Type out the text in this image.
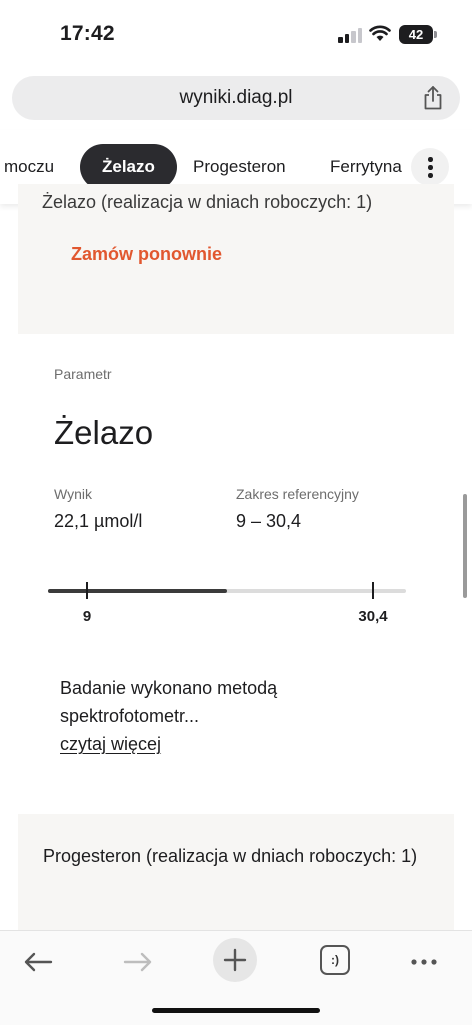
17:42	42
wyniki.diag.pl
moczu	Żelazo	Progesteron	Ferrytyna
Żelazo (realizacja w dniach roboczych: 1)
Zamów ponownie
Parametr
Żelazo
Wynik
22,1 µmol/l
Zakres referencyjny
9 – 30,4
9	30,4
Badanie wykonano metodą spektrofotometr...
czytaj więcej
Progesteron (realizacja w dniach roboczych: 1)
:)
